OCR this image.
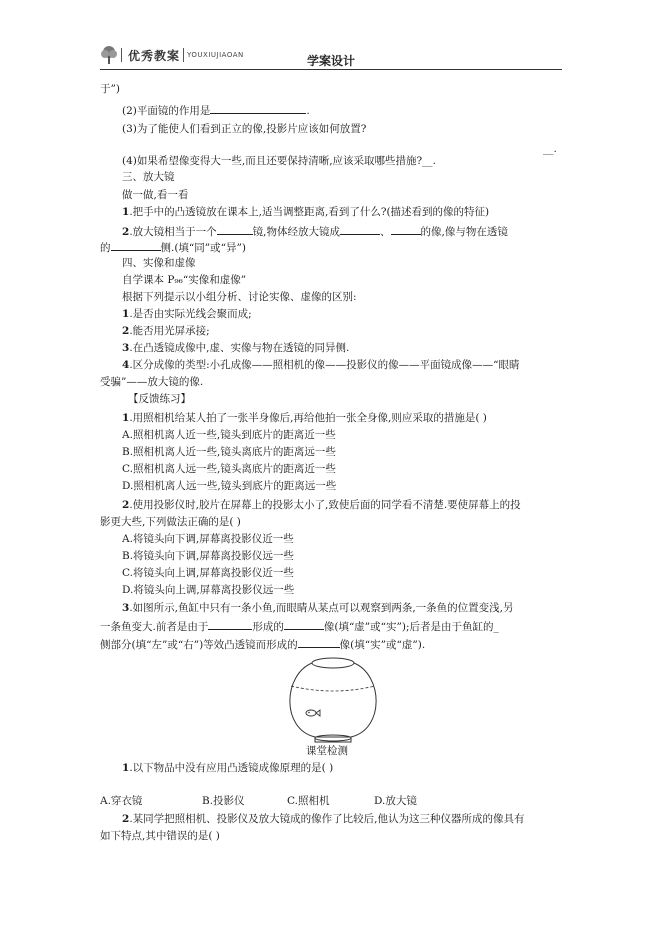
优秀教案 YOUXIUJIAOAN	学案设计
于”)
(2)平面镜的作用是	.
(3)为了能使人们看到正立的像,投影片应该如何放置?
__.
(4)如果希望像变得大一些,而且还要保持清晰,应该采取哪些措施?__.
三、放大镜
做一做,看一看
1.把手中的凸透镜放在课本上,适当调整距离,看到了什么?(描述看到的像的特征)
2.放大镜相当于一个	镜,物体经放大镜成	、	的像,像与物在透镜
的	侧.(填“同”或“异”)
四、实像和虚像
自学课本 P₉₆“实像和虚像”
根据下列提示以小组分析、讨论实像、虚像的区别:
1.是否由实际光线会聚而成;
2.能否用光屏承接;
3.在凸透镜成像中,虚、实像与物在透镜的同异侧.
4.区分成像的类型:小孔成像——照相机的像——投影仪的像——平面镜成像——“眼睛
受骗”——放大镜的像.
【反馈练习】
1.用照相机给某人拍了一张半身像后,再给他拍一张全身像,则应采取的措施是( )
A.照相机离人近一些,镜头到底片的距离近一些
B.照相机离人近一些,镜头离底片的距离远一些
C.照相机离人远一些,镜头离底片的距离近一些
D.照相机离人远一些,镜头到底片的距离远一些
2.使用投影仪时,胶片在屏幕上的投影太小了,致使后面的同学看不清楚.要使屏幕上的投
影更大些,下列做法正确的是( )
A.将镜头向下调,屏幕离投影仪近一些
B.将镜头向下调,屏幕离投影仪远一些
C.将镜头向上调,屏幕离投影仪近一些
D.将镜头向上调,屏幕离投影仪远一些
3.如图所示,鱼缸中只有一条小鱼,而眼睛从某点可以观察到两条,一条鱼的位置变浅,另
一条鱼变大.前者是由于	形成的	像(填“虚”或“实”);后者是由于鱼缸的_
侧部分(填“左”或“右”)等效凸透镜而形成的	像(填“实”或“虚”).
课堂检测
1.以下物品中没有应用凸透镜成像原理的是( )
A.穿衣镜	B.投影仪	C.照相机	D.放大镜
2.某同学把照相机、投影仪及放大镜成的像作了比较后,他认为这三种仪器所成的像具有
如下特点,其中错误的是( )
